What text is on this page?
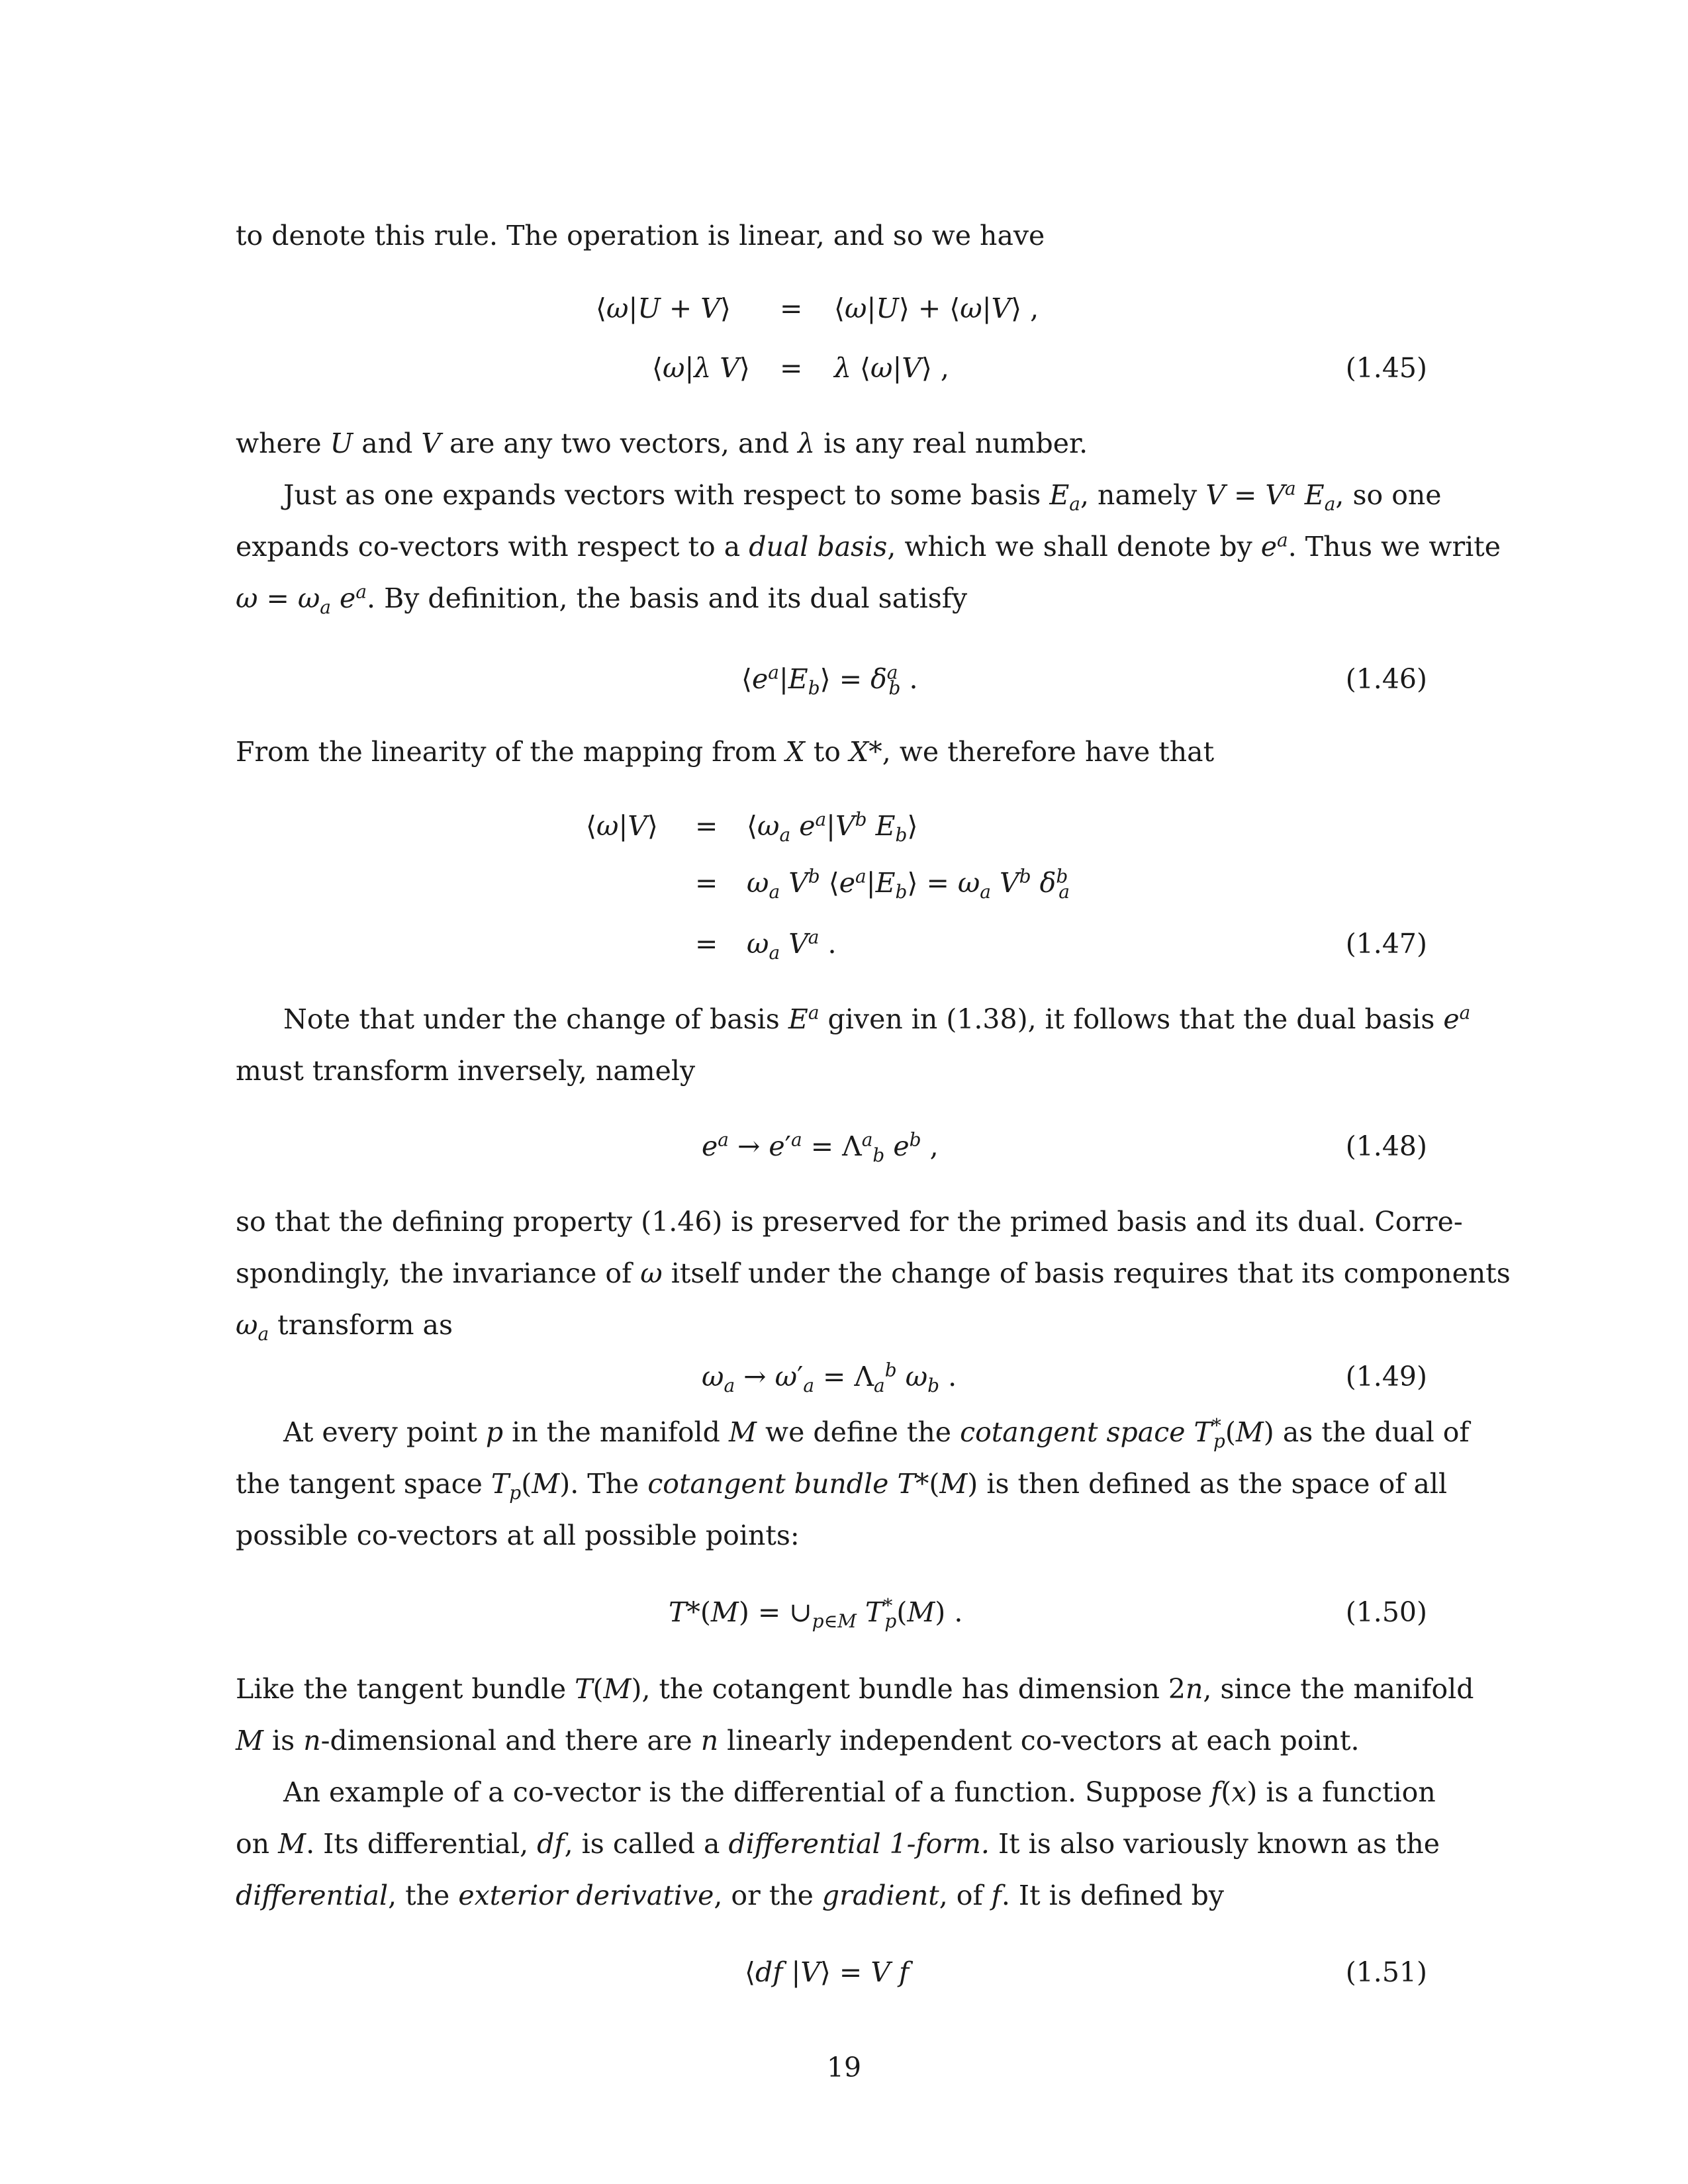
to denote this rule. The operation is linear, and so we have
⟨ω|U + V⟩ = ⟨ω|U⟩ + ⟨ω|V⟩ ,
⟨ω|λ V⟩ = λ ⟨ω|V⟩ ,	(1.45)
where U and V are any two vectors, and λ is any real number.
Just as one expands vectors with respect to some basis $E_a$, namely $V = V^a$ $E_a$, so one
expands co-vectors with respect to a dual basis, which we shall denote by $e^a$. Thus we write
$\omega = \omega_a$ $e^a$. By definition, the basis and its dual satisfy
$⟨e^a|E_b⟩ = \delta^a_b$ .	(1.46)
From the linearity of the mapping from X to X*, we therefore have that
⟨ω|V⟩ = $⟨\omega_a$ $e^a|V^b$ $E_b⟩$
= $\omega_a$ $V^b$ $⟨e^a|E_b⟩ = \omega_a$ $V^b$ $\delta^b_a$
= $\omega_a$ $V^a$ .	(1.47)
Note that under the change of basis $E^a$ given in (1.38), it follows that the dual basis $e^a$
must transform inversely, namely
$e^a \to e'^a = \Lambda^a_b$ $e^b$ ,	(1.48)
so that the defining property (1.46) is preserved for the primed basis and its dual. Corre-
spondingly, the invariance of ω itself under the change of basis requires that its components
$\omega_a$ transform as
$\omega_a \to \omega'_a = \Lambda_a^b$ $\omega_b$ .	(1.49)
At every point p in the manifold M we define the cotangent space $T^*_p(M)$ as the dual of
the tangent space $T_p(M)$. The cotangent bundle T*(M) is then defined as the space of all
possible co-vectors at all possible points:
$T*(M) = \cup_{p\in M}$ $T^*_p(M)$ .	(1.50)
Like the tangent bundle T(M), the cotangent bundle has dimension 2n, since the manifold
M is n-dimensional and there are n linearly independent co-vectors at each point.
An example of a co-vector is the differential of a function. Suppose f(x) is a function
on M. Its differential, df, is called a differential 1-form. It is also variously known as the
differential, the exterior derivative, or the gradient, of f. It is defined by
⟨df |V⟩ = V f	(1.51)
19
